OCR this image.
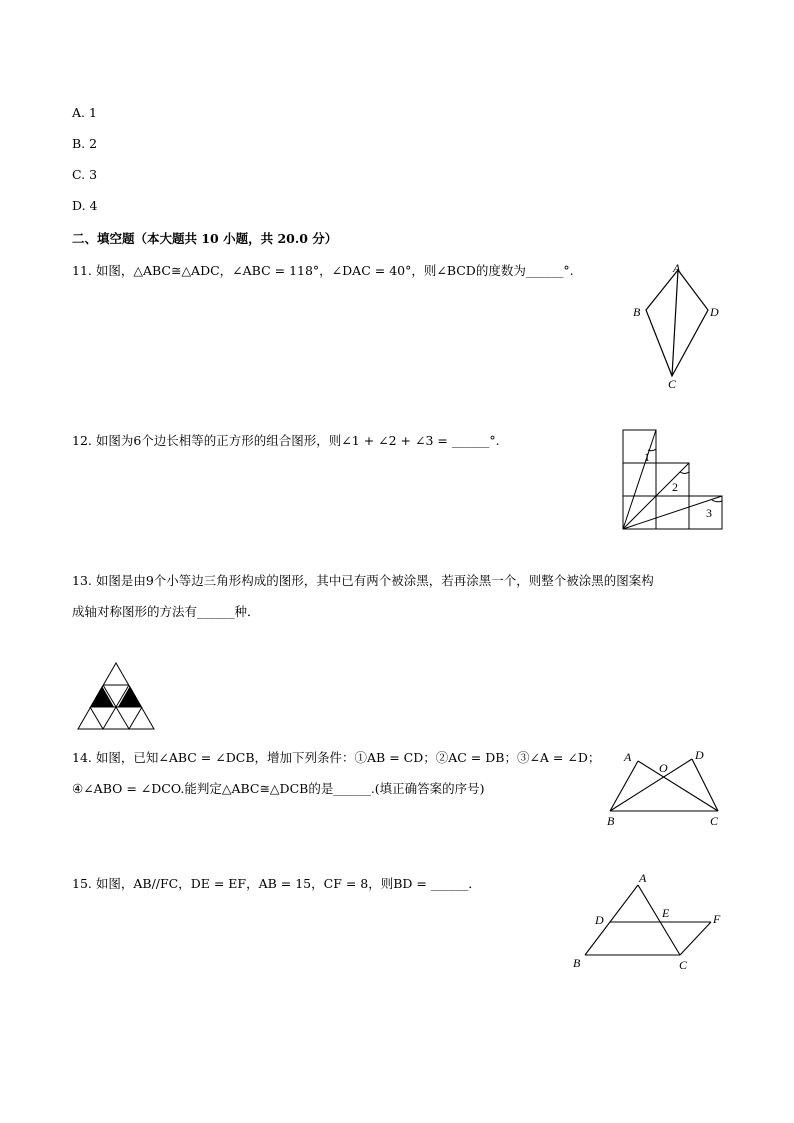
A. 1
B. 2
C. 3
D. 4
二、填空题（本大题共 10 小题，共 20.0 分）
11. 如图，△ABC≅△ADC，∠ABC = 118°，∠DAC = 40°，则∠BCD的度数为______°.	A
B	D
C
12. 如图为6个边长相等的正方形的组合图形，则∠1 + ∠2 + ∠3 = ______°.
1
2
3
13. 如图是由9个小等边三角形构成的图形，其中已有两个被涂黑，若再涂黑一个，则整个被涂黑的图案构
成轴对称图形的方法有______种．
14. 如图，已知∠ABC = ∠DCB，增加下列条件：①AB = CD；②AC = DB；③∠A = ∠D；
④∠ABO = ∠DCO.能判定△ABC≅△DCB的是______.(填正确答案的序号)
A	D
O
B	C
15. 如图，AB//FC，DE = EF，AB = 15，CF = 8，则BD = ______．	A
D	E	F
B	C
